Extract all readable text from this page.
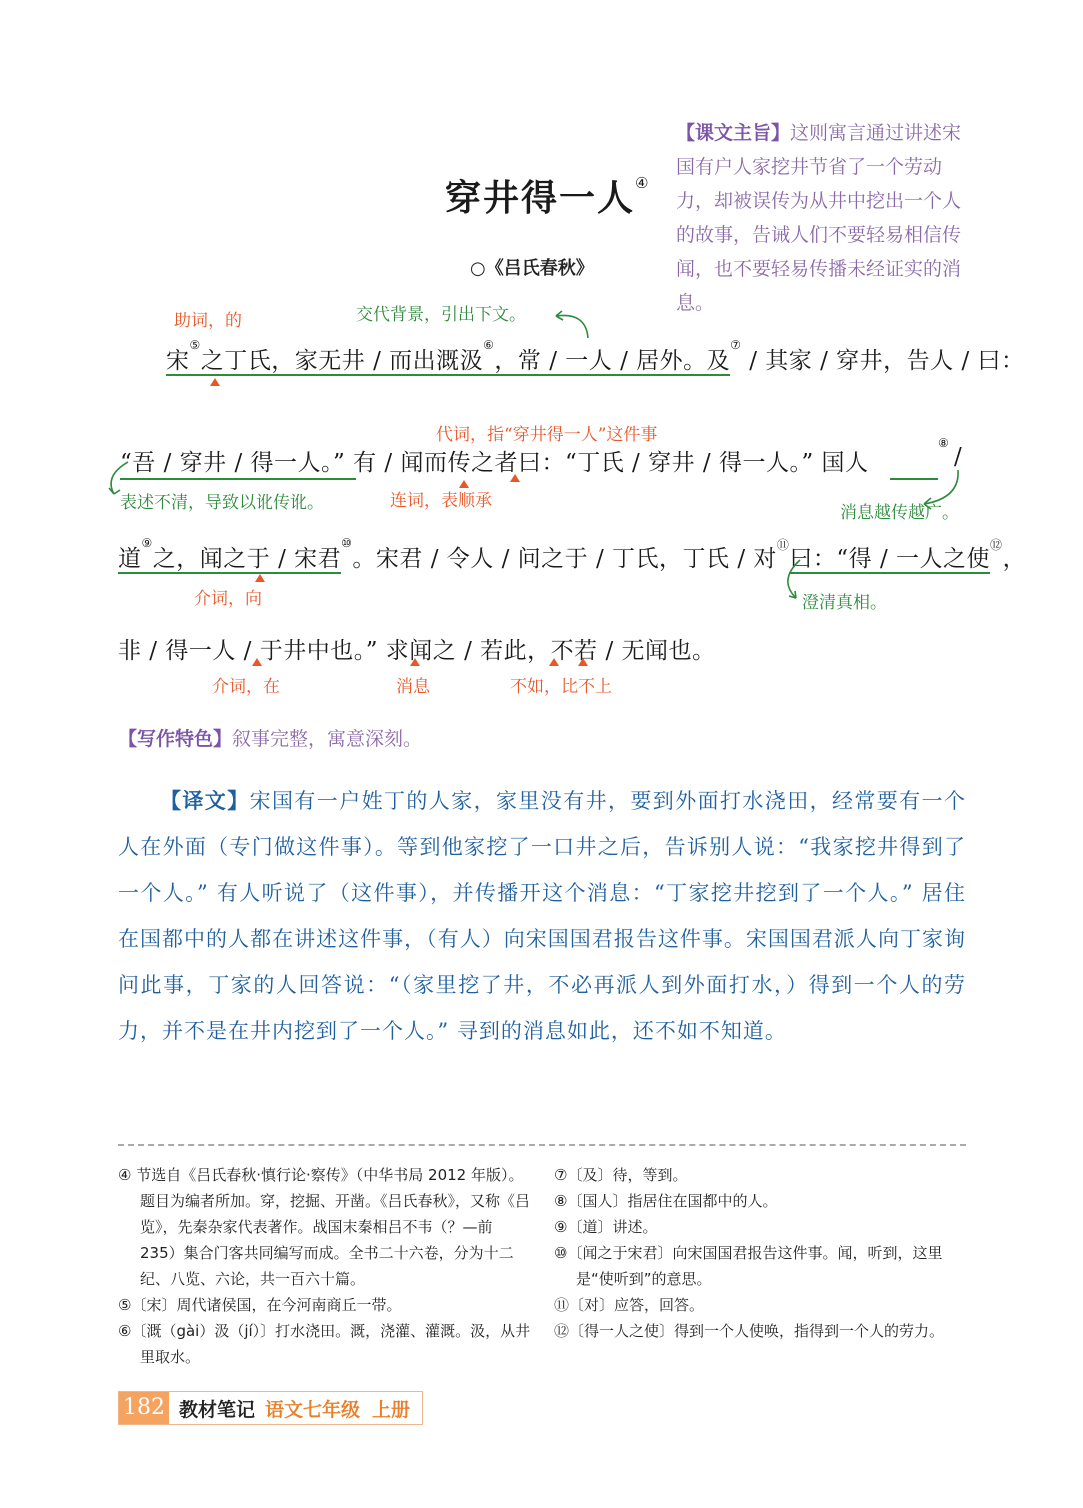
穿井得一人④
○《吕氏春秋》
【课文主旨】这则寓言通过讲述宋国有户人家挖井节省了一个劳动力，却被误传为从井中挖出一个人的故事，告诫人们不要轻易相信传闻，也不要轻易传播未经证实的消息。
助词，的	交代背景，引出下文。
宋⑤之丁氏，家无井 / 而出溉汲⑥，常 / 一人 / 居外。及⑦ / 其家 / 穿井，告人 / 曰：
代词，指“穿井得一人”这件事
“吾 / 穿井 / 得一人。” 有 / 闻而传之者曰：“丁氏 / 穿井 / 得一人。” 国人
⑧
/
表述不清，导致以讹传讹。	连词，表顺承
消息越传越广。
道⑨之，闻之于 / 宋君⑩。宋君 / 令人 / 问之于 / 丁氏，丁氏 / 对⑪曰：“得 / 一人之使⑫，
介词，向	澄清真相。
非 / 得一人 / 于井中也。” 求闻之 / 若此，不若 / 无闻也。
介词，在	消息	不如，比不上
【写作特色】叙事完整，寓意深刻。
【译文】宋国有一户姓丁的人家，家里没有井，要到外面打水浇田，经常要有一个人在外面（专门做这件事）。等到他家挖了一口井之后，告诉别人说：“我家挖井得到了一个人。” 有人听说了（这件事），并传播开这个消息：“丁家挖井挖到了一个人。” 居住在国都中的人都在讲述这件事，（有人）向宋国国君报告这件事。宋国国君派人向丁家询问此事，丁家的人回答说：“（家里挖了井，不必再派人到外面打水，）得到一个人的劳力，并不是在井内挖到了一个人。” 寻到的消息如此，还不如不知道。
④ 节选自《吕氏春秋·慎行论·察传》（中华书局 2012 年版）。题目为编者所加。穿，挖掘、开凿。《吕氏春秋》，又称《吕览》，先秦杂家代表著作。战国末秦相吕不韦（？—前 235）集合门客共同编写而成。全书二十六卷，分为十二纪、八览、六论，共一百六十篇。
⑤〔宋〕周代诸侯国，在今河南商丘一带。
⑥〔溉（gài）汲（jí）〕打水浇田。溉，浇灌、灌溉。汲，从井里取水。
⑦〔及〕待，等到。
⑧〔国人〕指居住在国都中的人。
⑨〔道〕讲述。
⑩〔闻之于宋君〕向宋国国君报告这件事。闻，听到，这里是“使听到”的意思。
⑪〔对〕应答，回答。
⑫〔得一人之使〕得到一个人使唤，指得到一个人的劳力。
182 教材笔记 语文七年级 上册
